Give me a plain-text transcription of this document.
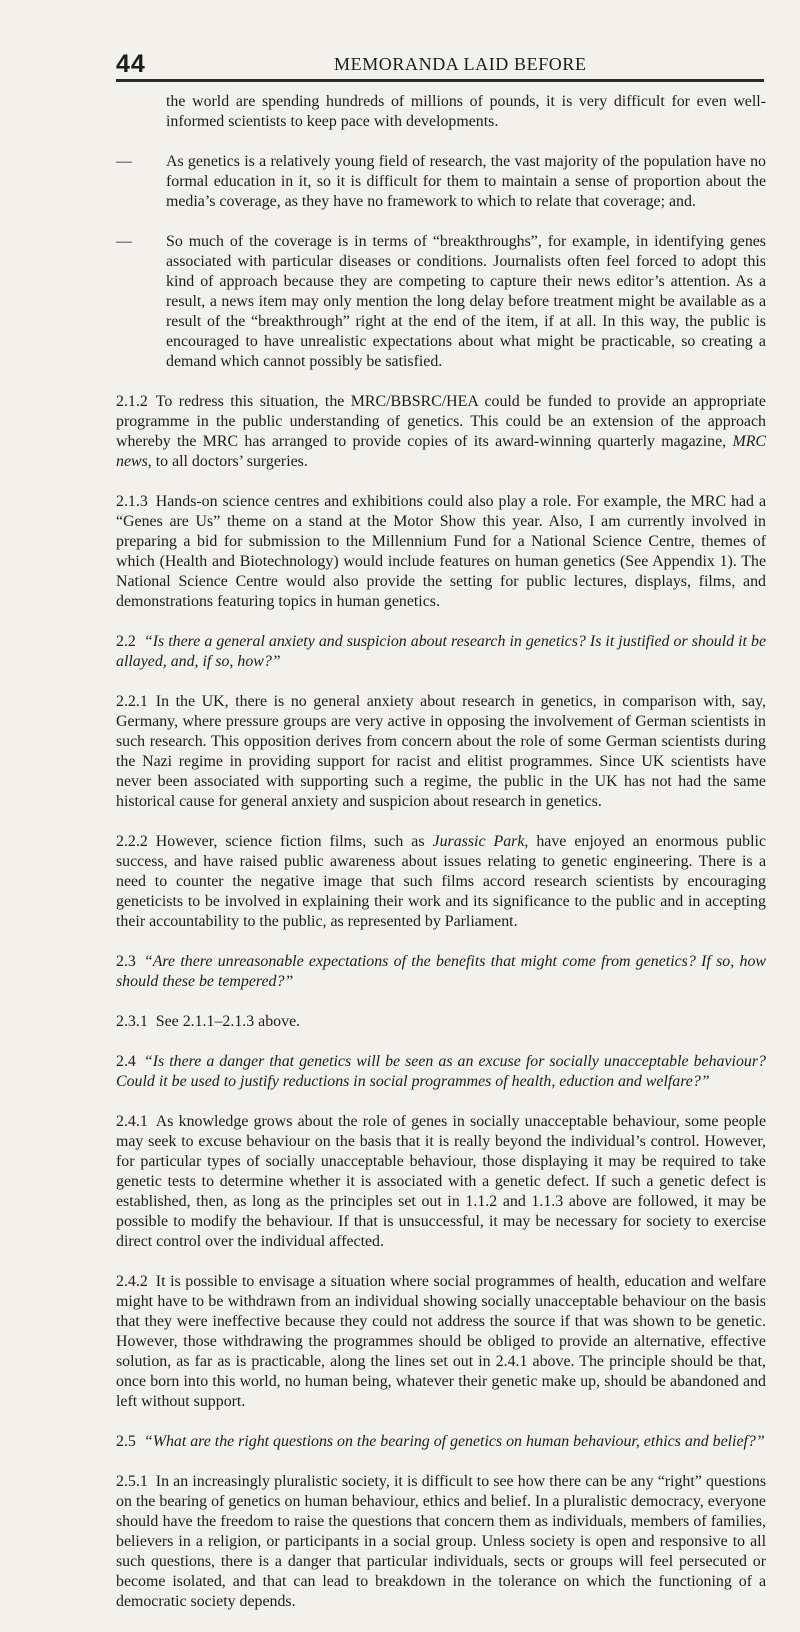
44	MEMORANDA LAID BEFORE

the world are spending hundreds of millions of pounds, it is very difficult for even well-informed scientists to keep pace with developments.

—	As genetics is a relatively young field of research, the vast majority of the population have no formal education in it, so it is difficult for them to maintain a sense of proportion about the media’s coverage, as they have no framework to which to relate that coverage; and.
—	So much of the coverage is in terms of “breakthroughs”, for example, in identifying genes associated with particular diseases or conditions. Journalists often feel forced to adopt this kind of approach because they are competing to capture their news editor’s attention. As a result, a news item may only mention the long delay before treatment might be available as a result of the “breakthrough” right at the end of the item, if at all. In this way, the public is encouraged to have unrealistic expectations about what might be practicable, so creating a demand which cannot possibly be satisfied.

2.1.2 To redress this situation, the MRC/BBSRC/HEA could be funded to provide an appropriate programme in the public understanding of genetics. This could be an extension of the approach whereby the MRC has arranged to provide copies of its award-winning quarterly magazine, MRC news, to all doctors’ surgeries.

2.1.3 Hands-on science centres and exhibitions could also play a role. For example, the MRC had a “Genes are Us” theme on a stand at the Motor Show this year. Also, I am currently involved in preparing a bid for submission to the Millennium Fund for a National Science Centre, themes of which (Health and Biotechnology) would include features on human genetics (See Appendix 1). The National Science Centre would also provide the setting for public lectures, displays, films, and demonstrations featuring topics in human genetics.

2.2 “Is there a general anxiety and suspicion about research in genetics? Is it justified or should it be allayed, and, if so, how?”

2.2.1 In the UK, there is no general anxiety about research in genetics, in comparison with, say, Germany, where pressure groups are very active in opposing the involvement of German scientists in such research. This opposition derives from concern about the role of some German scientists during the Nazi regime in providing support for racist and elitist programmes. Since UK scientists have never been associated with supporting such a regime, the public in the UK has not had the same historical cause for general anxiety and suspicion about research in genetics.

2.2.2 However, science fiction films, such as Jurassic Park, have enjoyed an enormous public success, and have raised public awareness about issues relating to genetic engineering. There is a need to counter the negative image that such films accord research scientists by encouraging geneticists to be involved in explaining their work and its significance to the public and in accepting their accountability to the public, as represented by Parliament.

2.3 “Are there unreasonable expectations of the benefits that might come from genetics? If so, how should these be tempered?”

2.3.1 See 2.1.1–2.1.3 above.

2.4 “Is there a danger that genetics will be seen as an excuse for socially unacceptable behaviour? Could it be used to justify reductions in social programmes of health, eduction and welfare?”

2.4.1 As knowledge grows about the role of genes in socially unacceptable behaviour, some people may seek to excuse behaviour on the basis that it is really beyond the individual’s control. However, for particular types of socially unacceptable behaviour, those displaying it may be required to take genetic tests to determine whether it is associated with a genetic defect. If such a genetic defect is established, then, as long as the principles set out in 1.1.2 and 1.1.3 above are followed, it may be possible to modify the behaviour. If that is unsuccessful, it may be necessary for society to exercise direct control over the individual affected.

2.4.2 It is possible to envisage a situation where social programmes of health, education and welfare might have to be withdrawn from an individual showing socially unacceptable behaviour on the basis that they were ineffective because they could not address the source if that was shown to be genetic. However, those withdrawing the programmes should be obliged to provide an alternative, effective solution, as far as is practicable, along the lines set out in 2.4.1 above. The principle should be that, once born into this world, no human being, whatever their genetic make up, should be abandoned and left without support.

2.5 “What are the right questions on the bearing of genetics on human behaviour, ethics and belief?”

2.5.1 In an increasingly pluralistic society, it is difficult to see how there can be any “right” questions on the bearing of genetics on human behaviour, ethics and belief. In a pluralistic democracy, everyone should have the freedom to raise the questions that concern them as individuals, members of families, believers in a religion, or participants in a social group. Unless society is open and responsive to all such questions, there is a danger that particular individuals, sects or groups will feel persecuted or become isolated, and that can lead to breakdown in the tolerance on which the functioning of a democratic society depends.
